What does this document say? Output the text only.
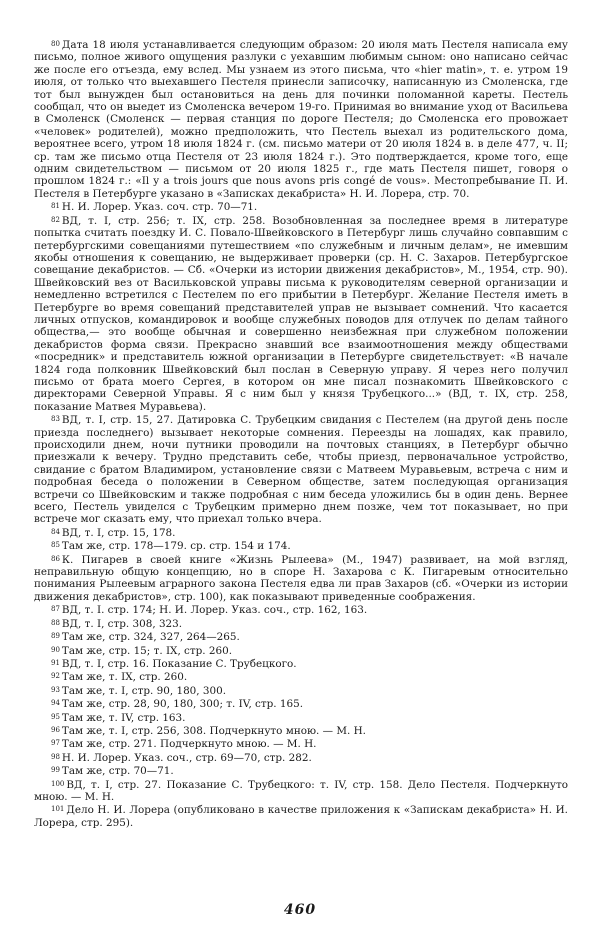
80 Дата 18 июля устанавливается следующим образом: 20 июля мать Пестеля написала ему письмо, полное живого ощущения разлуки с уехавшим любимым сыном: оно написано сейчас же после его отъезда, ему вслед. Мы узнаем из этого письма, что «hier matin», т. е. утром 19 июля, от только что выехавшего Пестеля принесли записочку, написанную из Смоленска, где тот был вынужден был остановиться на день для починки поломанной кареты. Пестель сообщал, что он выедет из Смоленска вечером 19-го. Принимая во внимание уход от Васильева в Смоленск (Смоленск — первая станция по дороге Пестеля; до Смоленска его провожает «человек» родителей), можно предположить, что Пестель выехал из родительского дома, вероятнее всего, утром 18 июля 1824 г. (см. письмо матери от 20 июля 1824 в. в деле 477, ч. II; ср. там же письмо отца Пестеля от 23 июля 1824 г.). Это подтверждается, кроме того, еще одним свидетельством — письмом от 20 июля 1825 г., где мать Пестеля пишет, говоря о прошлом 1824 г.: «Il y a trois jours que nous avons pris congé de vous». Местопребывание П. И. Пестеля в Петербурге указано в «Записках декабриста» Н. И. Лорера, стр. 70.

81 Н. И. Лорер. Указ. соч. стр. 70—71.

82 ВД, т. I, стр. 256; т. IX, стр. 258. Возобновленная за последнее время в литературе попытка считать поездку И. С. Повало-Швейковского в Петербург лишь случайно совпавшим с петербургскими совещаниями путешествием «по служебным и личным делам», не имевшим якобы отношения к совещанию, не выдерживает проверки (ср. Н. С. Захаров. Петербургское совещание декабристов. — Сб. «Очерки из истории движения декабристов», М., 1954, стр. 90). Швейковский вез от Васильковской управы письма к руководителям северной организации и немедленно встретился с Пестелем по его прибытии в Петербург. Желание Пестеля иметь в Петербурге во время совещаний представителей управ не вызывает сомнений. Что касается личных отпусков, командировок и вообще служебных поводов для отлучек по делам тайного общества,— это вообще обычная и совершенно неизбежная при служебном положении декабристов форма связи. Прекрасно знавший все взаимоотношения между обществами «посредник» и представитель южной организации в Петербурге свидетельствует: «В начале 1824 года полковник Швейковский был послан в Северную управу. Я через него получил письмо от брата моего Сергея, в котором он мне писал познакомить Швейковского с директорами Северной Управы. Я с ним был у князя Трубецкого...» (ВД, т. IX, стр. 258, показание Матвея Муравьева).

83 ВД, т. I, стр. 15, 27. Датировка С. Трубецким свидания с Пестелем (на другой день после приезда последнего) вызывает некоторые сомнения. Переезды на лошадях, как правило, происходили днем, ночи путники проводили на почтовых станциях, в Петербург обычно приезжали к вечеру. Трудно представить себе, чтобы приезд, первоначальное устройство, свидание с братом Владимиром, установление связи с Матвеем Муравьевым, встреча с ним и подробная беседа о положении в Северном обществе, затем последующая организация встречи со Швейковским и также подробная с ним беседа уложились бы в один день. Вернее всего, Пестель увиделся с Трубецким примерно днем позже, чем тот показывает, но при встрече мог сказать ему, что приехал только вчера.

84 ВД, т. I, стр. 15, 178.

85 Там же, стр. 178—179. ср. стр. 154 и 174.

86 К. Пигарев в своей книге «Жизнь Рылеева» (М., 1947) развивает, на мой взгляд, неправильную общую концепцию, но в споре Н. Захарова с К. Пигаревым относительно понимания Рылеевым аграрного закона Пестеля едва ли прав Захаров (сб. «Очерки из истории движения декабристов», стр. 100), как показывают приведенные соображения.

87 ВД, т. I. стр. 174; Н. И. Лорер. Указ. соч., стр. 162, 163.

88 ВД, т. I, стр. 308, 323.

89 Там же, стр. 324, 327, 264—265.

90 Там же, стр. 15; т. IX, стр. 260.

91 ВД, т. I, стр. 16. Показание С. Трубецкого.

92 Там же, т. IX, стр. 260.

93 Там же, т. I, стр. 90, 180, 300.

94 Там же, стр. 28, 90, 180, 300; т. IV, стр. 165.

95 Там же, т. IV, стр. 163.

96 Там же, т. I, стр. 256, 308. Подчеркнуто мною. — М. Н.

97 Там же, стр. 271. Подчеркнуто мною. — М. Н.

98 Н. И. Лорер. Указ. соч., стр. 69—70, стр. 282.

99 Там же, стр. 70—71.

100 ВД, т. I, стр. 27. Показание С. Трубецкого: т. IV, стр. 158. Дело Пестеля. Подчеркнуто мною. — М. Н.

101 Дело Н. И. Лорера (опубликовано в качестве приложения к «Запискам декабриста» Н. И. Лорера, стр. 295).

460
